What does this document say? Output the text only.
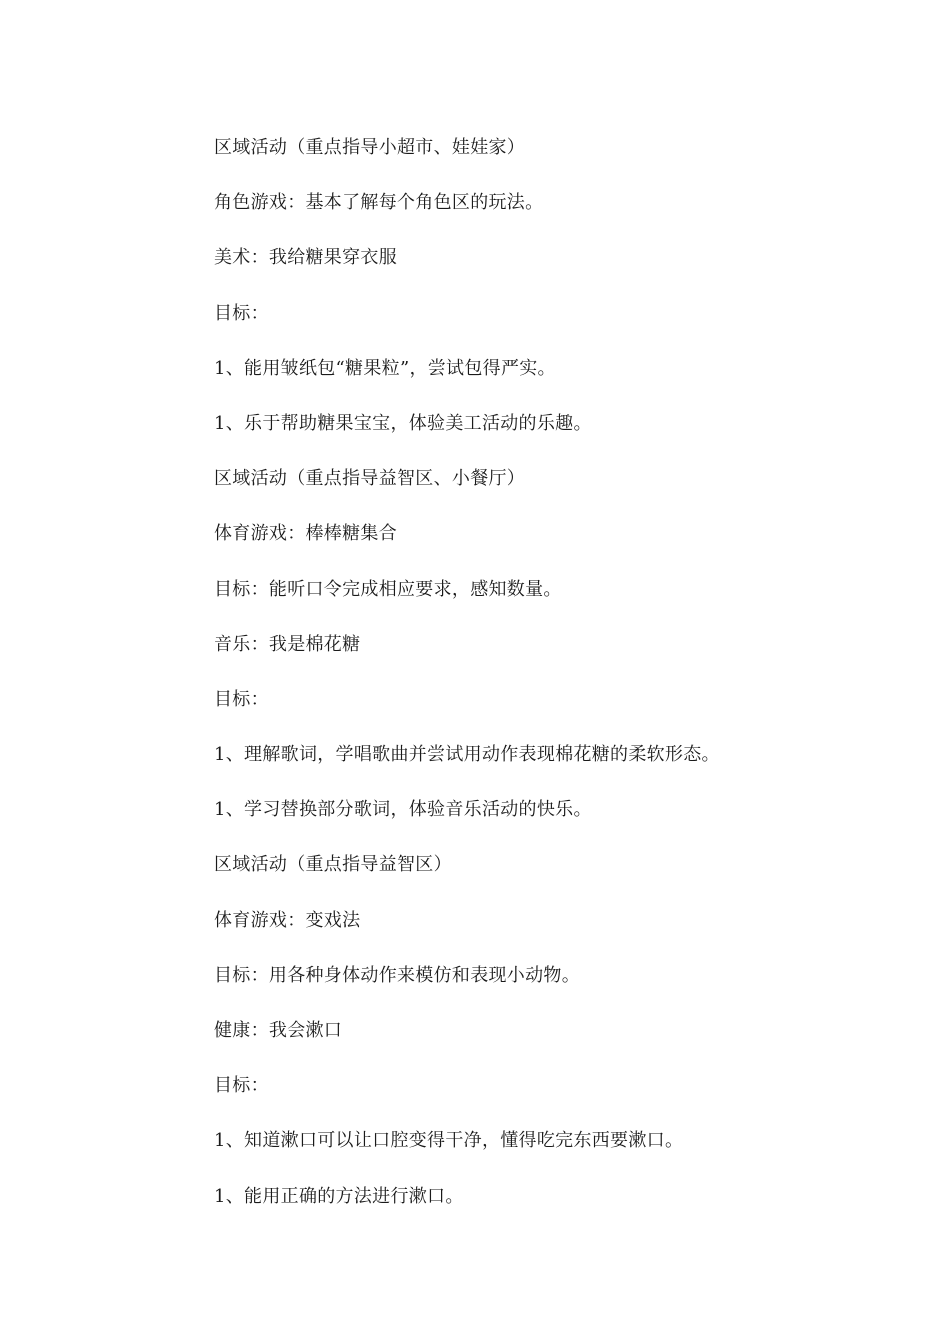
区域活动（重点指导小超市、娃娃家）
角色游戏：基本了解每个角色区的玩法。
美术：我给糖果穿衣服
目标：
1、能用皱纸包“糖果粒”，尝试包得严实。
1、乐于帮助糖果宝宝，体验美工活动的乐趣。
区域活动（重点指导益智区、小餐厅）
体育游戏：棒棒糖集合
目标：能听口令完成相应要求，感知数量。
音乐：我是棉花糖
目标：
1、理解歌词，学唱歌曲并尝试用动作表现棉花糖的柔软形态。
1、学习替换部分歌词，体验音乐活动的快乐。
区域活动（重点指导益智区）
体育游戏：变戏法
目标：用各种身体动作来模仿和表现小动物。
健康：我会漱口
目标：
1、知道漱口可以让口腔变得干净，懂得吃完东西要漱口。
1、能用正确的方法进行漱口。
